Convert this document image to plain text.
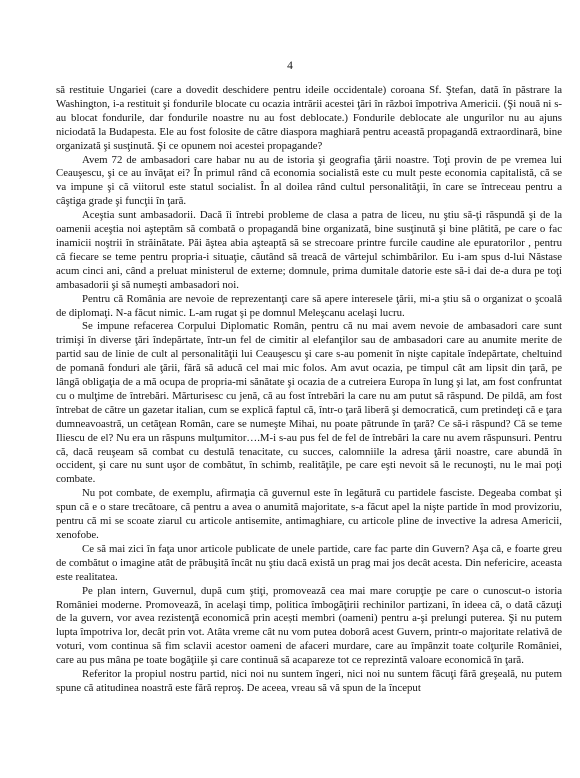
4

să restituie Ungariei (care a dovedit deschidere pentru ideile occidentale) coroana Sf. Ştefan, dată în păstrare la Washington, i-a restituit şi fondurile blocate cu ocazia intrării acestei ţări în război împotriva Americii. (Şi nouă ni s-au blocat fondurile, dar fondurile noastre nu au fost deblocate.) Fondurile deblocate ale ungurilor nu au ajuns niciodată la Budapesta. Ele au fost folosite de către diaspora maghiară pentru această propagandă extraordinară, bine organizată şi susţinută. Şi ce opunem noi acestei propagande?

Avem 72 de ambasadori care habar nu au de istoria şi geografia ţării noastre. Toţi provin de pe vremea lui Ceauşescu, şi ce au învăţat ei? În primul rând că economia socialistă este cu mult peste economia capitalistă, că se va impune şi că viitorul este statul socialist. În al doilea rând cultul personalităţii, în care se întreceau pentru a câştiga grade şi funcţii în ţară.

Aceştia sunt ambasadorii. Dacă îi întrebi probleme de clasa a patra de liceu, nu ştiu să-ţi răspundă şi de la oamenii aceştia noi aşteptăm să combată o propagandă bine organizată, bine susţinută şi bine plătită, pe care o fac inamicii noştrii în străinătate. Păi ăştea abia aşteaptă să se strecoare printre furcile caudine ale epuratorilor , pentru că fiecare se teme pentru propria-i situaţie, căutând să treacă de vârtejul schimbărilor. Eu i-am spus d-lui Năstase acum cinci ani, când a preluat ministerul de externe; domnule, prima dumitale datorie este să-i dai de-a dura pe toţi ambasadorii şi să numeşti ambasadori noi.

Pentru că România are nevoie de reprezentanţi care să apere interesele ţării, mi-a ştiu să o organizat o şcoală de diplomaţi. N-a făcut nimic. L-am rugat şi pe domnul Meleşcanu acelaşi lucru.

Se impune refacerea Corpului Diplomatic Român, pentru că nu mai avem nevoie de ambasadori care sunt trimişi în diverse ţări îndepărtate, într-un fel de cimitir al elefanţilor sau de ambasadori care au anumite merite de partid sau de linie de cult al personalităţii lui Ceauşescu şi care s-au pomenit în nişte capitale îndepărtate, cheltuind de pomană fonduri ale ţării, fără să aducă cel mai mic folos. Am avut ocazia, pe timpul cât am lipsit din ţară, pe lângă obligaţia de a mă ocupa de propria-mi sănătate şi ocazia de a cutreiera Europa în lung şi lat, am fost confruntat cu o mulţime de întrebări. Mărturisesc cu jenă, că au fost întrebări la care nu am putut să răspund. De pildă, am fost întrebat de către un gazetar italian, cum se explică faptul că, într-o ţară liberă şi democratică, cum pretindeţi că e ţara dumneavoastră, un cetăţean Român, care se numeşte Mihai, nu poate pătrunde în ţară? Ce să-i răspund? Că se teme Iliescu de el? Nu era un răspuns mulţumitor….M-i s-au pus fel de fel de întrebări la care nu avem răspunsuri. Pentru că, dacă reuşeam să combat cu destulă tenacitate, cu succes, calomniile la adresa ţării noastre, care abundă în occident, şi care nu sunt uşor de combătut, în schimb, realităţile, pe care eşti nevoit să le recunoşti, nu le mai poţi combate.

Nu pot combate, de exemplu, afirmaţia că guvernul este în legătură cu partidele fasciste. Degeaba combat şi spun că e o stare trecătoare, că pentru a avea o anumită majoritate, s-a făcut apel la nişte partide în mod provizoriu, pentru că mi se scoate ziarul cu articole antisemite, antimaghiare, cu articole pline de invective la adresa Americii, xenofobe.

Ce să mai zici în faţa unor articole publicate de unele partide, care fac parte din Guvern? Aşa că, e foarte greu de combătut o imagine atât de prăbuşită încât nu ştiu dacă există un prag mai jos decât acesta. Din nefericire, aceasta este realitatea.

Pe plan intern, Guvernul, după cum ştiţi, promovează cea mai mare corupţie pe care o cunoscut-o istoria României moderne. Promovează, în acelaşi timp, politica îmbogăţirii rechinilor partizani, în ideea că, o dată căzuţi de la guvern, vor avea rezistenţă economică prin acești membri (oameni) pentru a-şi prelungi puterea. Şi nu putem lupta împotriva lor, decât prin vot. Atâta vreme cât nu vom putea doborâ acest Guvern, printr-o majoritate relativă de voturi, vom continua să fim sclavii acestor oameni de afaceri murdare, care au împânzit toate colţurile României, care au pus mâna pe toate bogăţiile şi care continuă să acapareze tot ce reprezintă valoare economică în ţară.

Referitor la propiul nostru partid, nici noi nu suntem îngeri, nici noi nu suntem făcuţi fără greşeală, nu putem spune că atitudinea noastră este fără reproş. De aceea, vreau să vă spun de la început
